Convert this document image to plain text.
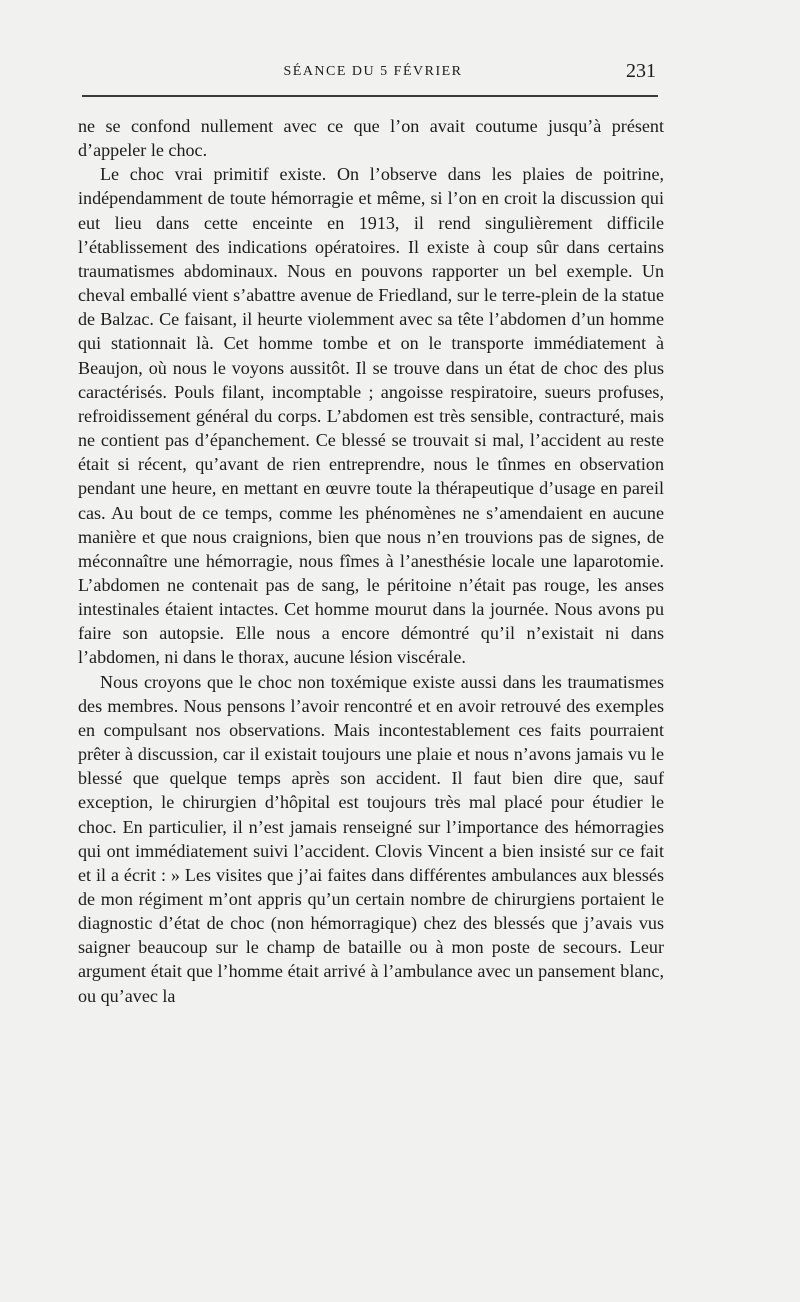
SÉANCE DU 5 FÉVRIER	231

ne se confond nullement avec ce que l’on avait coutume jusqu’à présent d’appeler le choc.

Le choc vrai primitif existe. On l’observe dans les plaies de poitrine, indépendamment de toute hémorragie et même, si l’on en croit la discussion qui eut lieu dans cette enceinte en 1913, il rend singulièrement difficile l’établissement des indications opératoires. Il existe à coup sûr dans certains traumatismes abdominaux. Nous en pouvons rapporter un bel exemple. Un cheval emballé vient s’abattre avenue de Friedland, sur le terre-plein de la statue de Balzac. Ce faisant, il heurte violemment avec sa tête l’abdomen d’un homme qui stationnait là. Cet homme tombe et on le transporte immédiatement à Beaujon, où nous le voyons aussitôt. Il se trouve dans un état de choc des plus caractérisés. Pouls filant, incomptable ; angoisse respiratoire, sueurs profuses, refroidissement général du corps. L’abdomen est très sensible, contracturé, mais ne contient pas d’épanchement. Ce blessé se trouvait si mal, l’accident au reste était si récent, qu’avant de rien entreprendre, nous le tînmes en observation pendant une heure, en mettant en œuvre toute la thérapeutique d’usage en pareil cas. Au bout de ce temps, comme les phénomènes ne s’amendaient en aucune manière et que nous craignions, bien que nous n’en trouvions pas de signes, de méconnaître une hémorragie, nous fîmes à l’anesthésie locale une laparotomie. L’abdomen ne contenait pas de sang, le péritoine n’était pas rouge, les anses intestinales étaient intactes. Cet homme mourut dans la journée. Nous avons pu faire son autopsie. Elle nous a encore démontré qu’il n’existait ni dans l’abdomen, ni dans le thorax, aucune lésion viscérale.

Nous croyons que le choc non toxémique existe aussi dans les traumatismes des membres. Nous pensons l’avoir rencontré et en avoir retrouvé des exemples en compulsant nos observations. Mais incontestablement ces faits pourraient prêter à discussion, car il existait toujours une plaie et nous n’avons jamais vu le blessé que quelque temps après son accident. Il faut bien dire que, sauf exception, le chirurgien d’hôpital est toujours très mal placé pour étudier le choc. En particulier, il n’est jamais renseigné sur l’importance des hémorragies qui ont immédiatement suivi l’accident. Clovis Vincent a bien insisté sur ce fait et il a écrit : » Les visites que j’ai faites dans différentes ambulances aux blessés de mon régiment m’ont appris qu’un certain nombre de chirurgiens portaient le diagnostic d’état de choc (non hémorragique) chez des blessés que j’avais vus saigner beaucoup sur le champ de bataille ou à mon poste de secours. Leur argument était que l’homme était arrivé à l’ambulance avec un pansement blanc, ou qu’avec la
